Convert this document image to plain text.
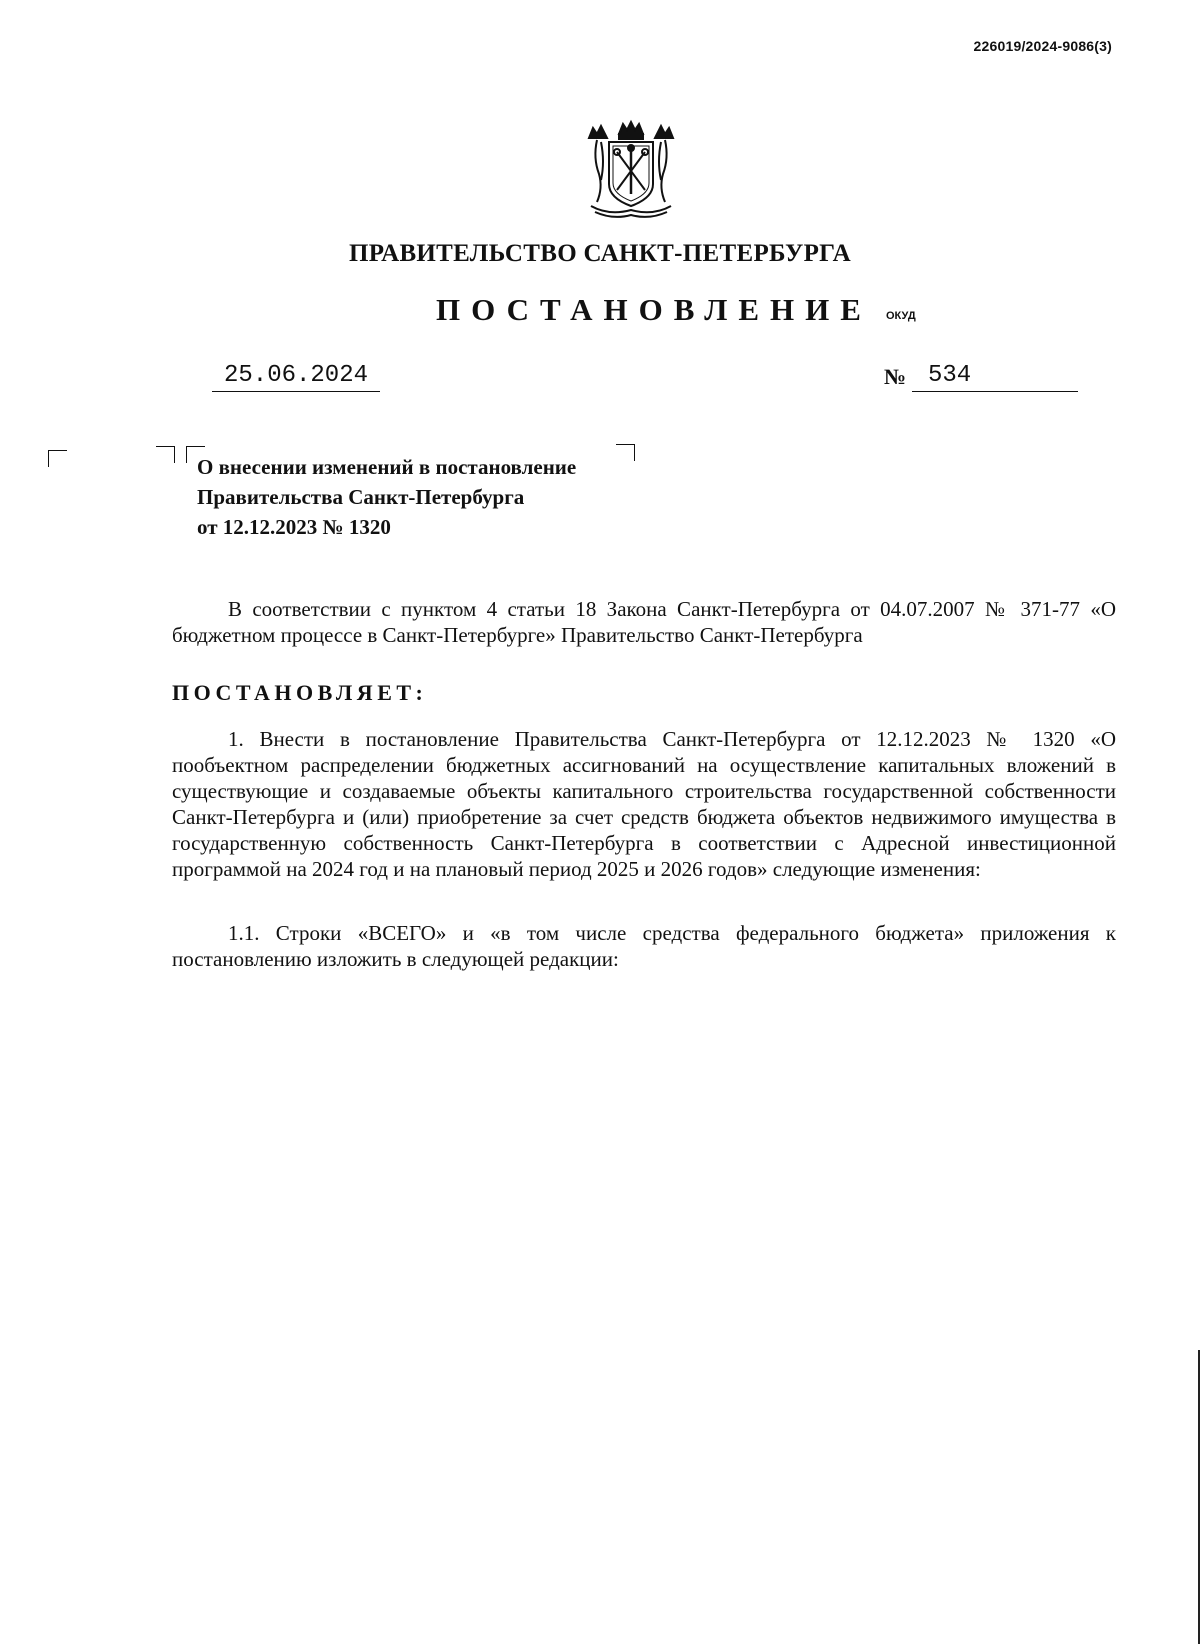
226019/2024-9086(3)
ПРАВИТЕЛЬСТВО САНКТ-ПЕТЕРБУРГА
ПОСТАНОВЛЕНИЕ ОКУД
25.06.2024	№ 534
О внесении изменений в постановление
Правительства Санкт-Петербурга
от 12.12.2023 № 1320
В соответствии с пунктом 4 статьи 18 Закона Санкт-Петербурга от 04.07.2007 № 371-77 «О бюджетном процессе в Санкт-Петербурге» Правительство Санкт-Петербурга
ПОСТАНОВЛЯЕТ:
1. Внести в постановление Правительства Санкт-Петербурга от 12.12.2023 № 1320 «О пообъектном распределении бюджетных ассигнований на осуществление капитальных вложений в существующие и создаваемые объекты капитального строительства государственной собственности Санкт-Петербурга и (или) приобретение за счет средств бюджета объектов недвижимого имущества в государственную собственность Санкт-Петербурга в соответствии с Адресной инвестиционной программой на 2024 год и на плановый период 2025 и 2026 годов» следующие изменения:
1.1. Строки «ВСЕГО» и «в том числе средства федерального бюджета» приложения к постановлению изложить в следующей редакции:
